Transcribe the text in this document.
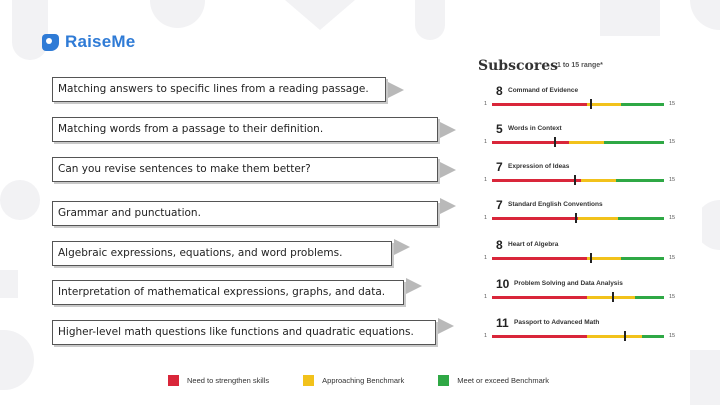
RaiseMe
Matching answers to specific lines from a reading passage.
Matching words from a passage to their definition.
Can you revise sentences to make them better?
Grammar and punctuation.
Algebraic expressions, equations, and word problems.
Interpretation of mathematical expressions, graphs, and data.
Higher-level math questions like functions and quadratic equations.
Subscores 1 to 15 range*
8 Command of Evidence
1	15
5 Words in Context
1	15
7 Expression of Ideas
1	15
7 Standard English Conventions
1	15
8 Heart of Algebra
1	15
10 Problem Solving and Data Analysis
1	15
11 Passport to Advanced Math
1	15
Need to strengthen skills	Approaching Benchmark	Meet or exceed Benchmark
